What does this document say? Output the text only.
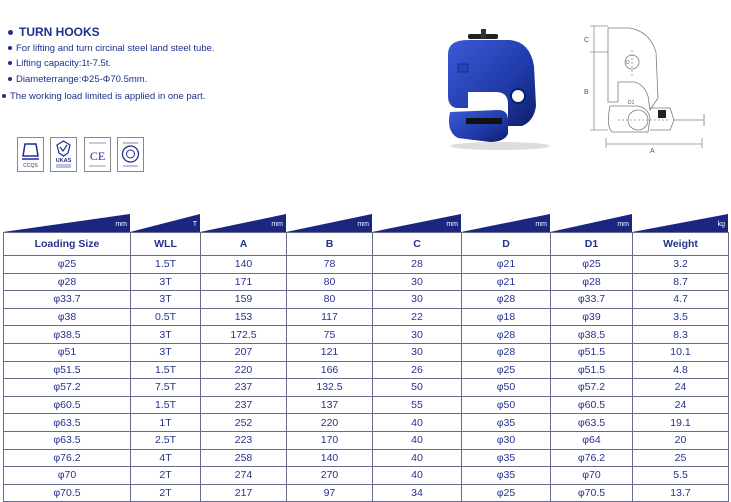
TURN HOOKS
For lifting and turn circinal steel land steel tube.
Lifting capacity:1t-7.5t.
Diameterrange:Φ25-Φ70.5mm.
The working load limited is applied in one part.
CCQS
UKAS CE
C
B
A
D
D1
mm	T	mm	mm	mm	mm	mm	kg
Loading Size	WLL	A	B	C	D	D1	Weight
φ25	1.5T	140	78	28	φ21	φ25	3.2
φ28	3T	171	80	30	φ21	φ28	8.7
φ33.7	3T	159	80	30	φ28	φ33.7	4.7
φ38	0.5T	153	117	22	φ18	φ39	3.5
φ38.5	3T	172.5	75	30	φ28	φ38.5	8.3
φ51	3T	207	121	30	φ28	φ51.5	10.1
φ51.5	1.5T	220	166	26	φ25	φ51.5	4.8
φ57.2	7.5T	237	132.5	50	φ50	φ57.2	24
φ60.5	1.5T	237	137	55	φ50	φ60.5	24
φ63.5	1T	252	220	40	φ35	φ63.5	19.1
φ63.5	2.5T	223	170	40	φ30	φ64	20
φ76.2	4T	258	140	40	φ35	φ76.2	25
φ70	2T	274	270	40	φ35	φ70	5.5
φ70.5	2T	217	97	34	φ25	φ70.5	13.7
